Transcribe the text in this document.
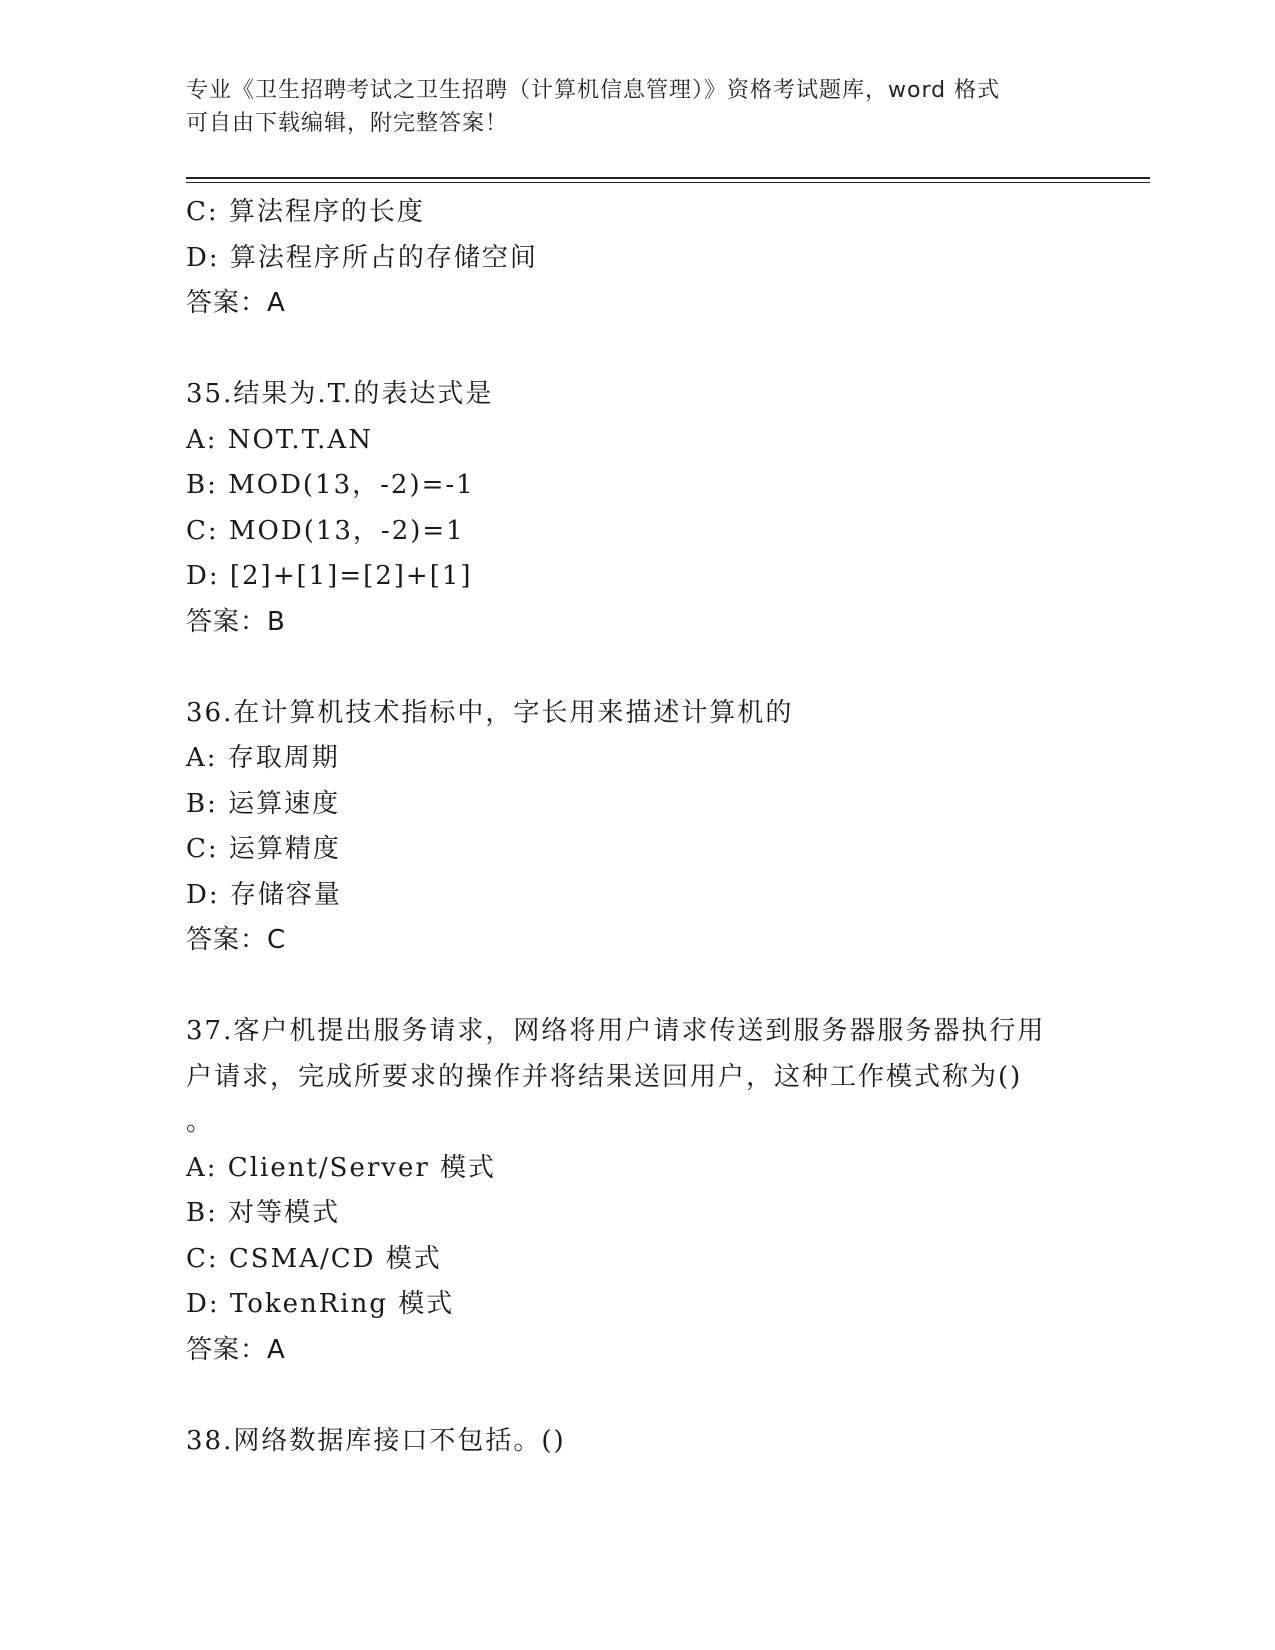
专业《卫生招聘考试之卫生招聘（计算机信息管理）》资格考试题库，word 格式
可自由下载编辑，附完整答案！
C: 算法程序的长度
D: 算法程序所占的存储空间
答案：A
35.结果为.T.的表达式是
A: NOT.T.AN
B: MOD(13，-2)=-1
C: MOD(13，-2)=1
D: [2]+[1]=[2]+[1]
答案：B
36.在计算机技术指标中，字长用来描述计算机的
A: 存取周期
B: 运算速度
C: 运算精度
D: 存储容量
答案：C
37.客户机提出服务请求，网络将用户请求传送到服务器服务器执行用
户请求，完成所要求的操作并将结果送回用户，这种工作模式称为()
。
A: Client/Server 模式
B: 对等模式
C: CSMA/CD 模式
D: TokenRing 模式
答案：A
38.网络数据库接口不包括。()
